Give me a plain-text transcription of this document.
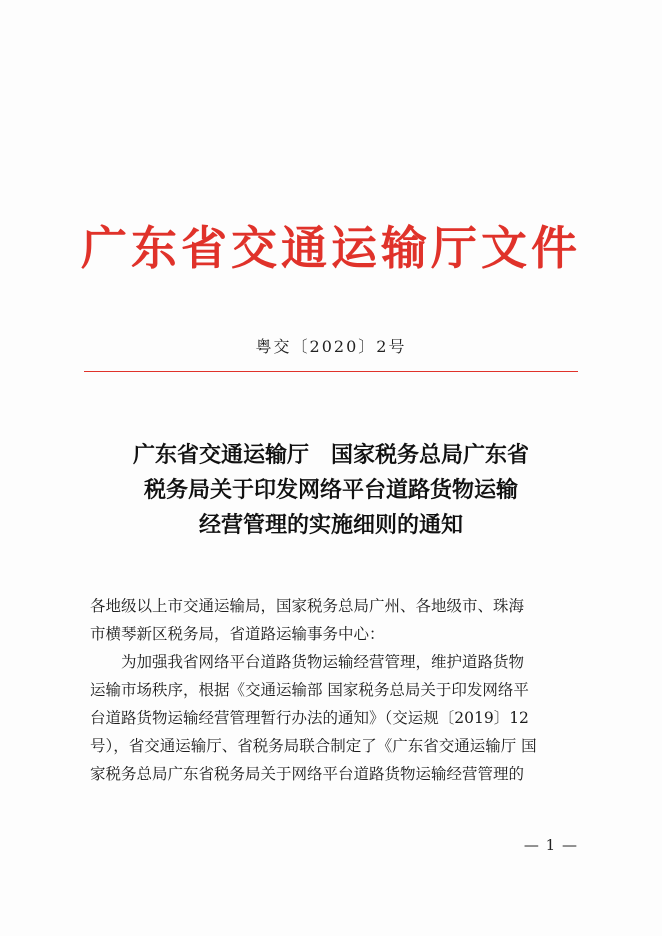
广东省交通运输厅文件
粤交〔2020〕2号
广东省交通运输厅　国家税务总局广东省
税务局关于印发网络平台道路货物运输
经营管理的实施细则的通知
各地级以上市交通运输局，国家税务总局广州、各地级市、珠海
市横琴新区税务局，省道路运输事务中心：
为加强我省网络平台道路货物运输经营管理，维护道路货物
运输市场秩序，根据《交通运输部 国家税务总局关于印发网络平
台道路货物运输经营管理暂行办法的通知》（交运规〔2019〕12
号），省交通运输厅、省税务局联合制定了《广东省交通运输厅 国
家税务总局广东省税务局关于网络平台道路货物运输经营管理的
— 1 —
